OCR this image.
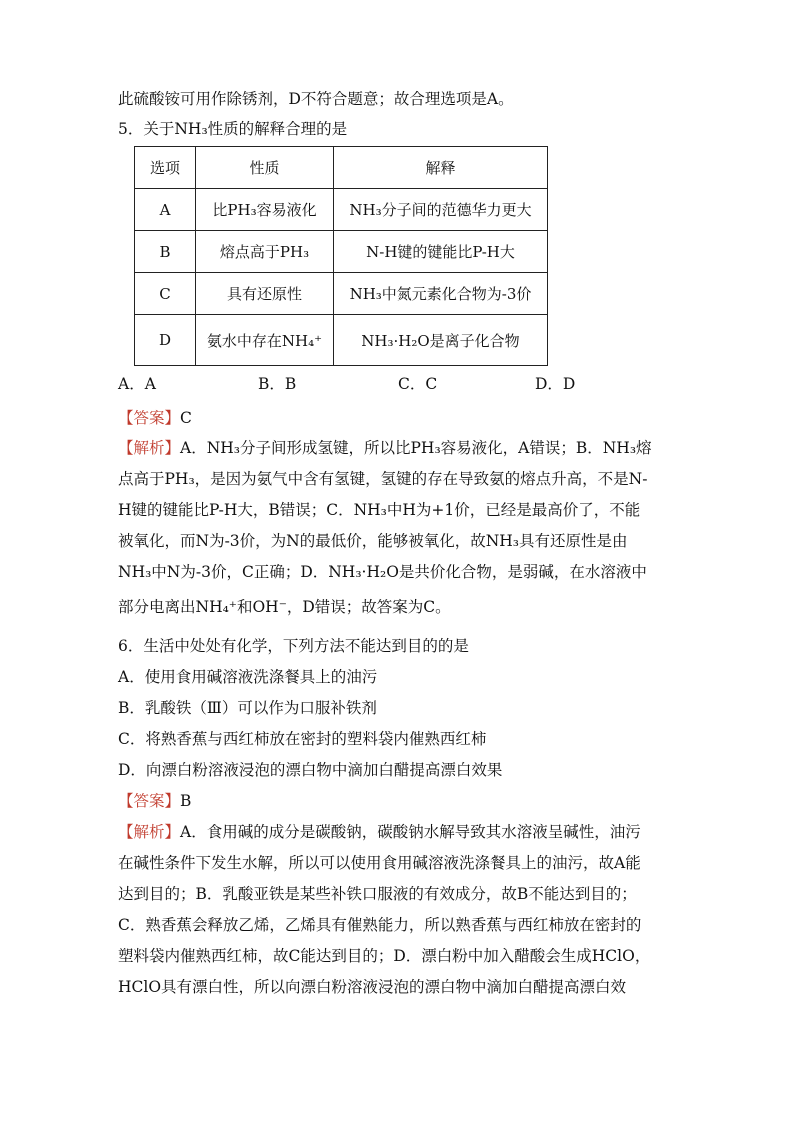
此硫酸铵可用作除锈剂，D不符合题意；故合理选项是A。
5．关于NH₃性质的解释合理的是
选项	性质	解释
A	比PH₃容易液化	NH₃分子间的范德华力更大
B	熔点高于PH₃	N-H键的键能比P-H大
C	具有还原性	NH₃中氮元素化合物为-3价
D	氨水中存在NH₄⁺	NH₃·H₂O是离子化合物
A．A	B．B	C．C	D．D
【答案】C
【解析】A．NH₃分子间形成氢键，所以比PH₃容易液化，A错误；B．NH₃熔
点高于PH₃，是因为氨气中含有氢键，氢键的存在导致氨的熔点升高，不是N-
H键的键能比P-H大，B错误；C．NH₃中H为+1价，已经是最高价了，不能
被氧化，而N为-3价，为N的最低价，能够被氧化，故NH₃具有还原性是由
NH₃中N为-3价，C正确；D．NH₃·H₂O是共价化合物，是弱碱，在水溶液中
部分电离出NH₄⁺和OH⁻，D错误；故答案为C。
6．生活中处处有化学，下列方法不能达到目的的是
A．使用食用碱溶液洗涤餐具上的油污
B．乳酸铁（Ⅲ）可以作为口服补铁剂
C．将熟香蕉与西红柿放在密封的塑料袋内催熟西红柿
D．向漂白粉溶液浸泡的漂白物中滴加白醋提高漂白效果
【答案】B
【解析】A．食用碱的成分是碳酸钠，碳酸钠水解导致其水溶液呈碱性，油污
在碱性条件下发生水解，所以可以使用食用碱溶液洗涤餐具上的油污，故A能
达到目的；B．乳酸亚铁是某些补铁口服液的有效成分，故B不能达到目的；
C．熟香蕉会释放乙烯，乙烯具有催熟能力，所以熟香蕉与西红柿放在密封的
塑料袋内催熟西红柿，故C能达到目的；D．漂白粉中加入醋酸会生成HClO，
HClO具有漂白性，所以向漂白粉溶液浸泡的漂白物中滴加白醋提高漂白效
